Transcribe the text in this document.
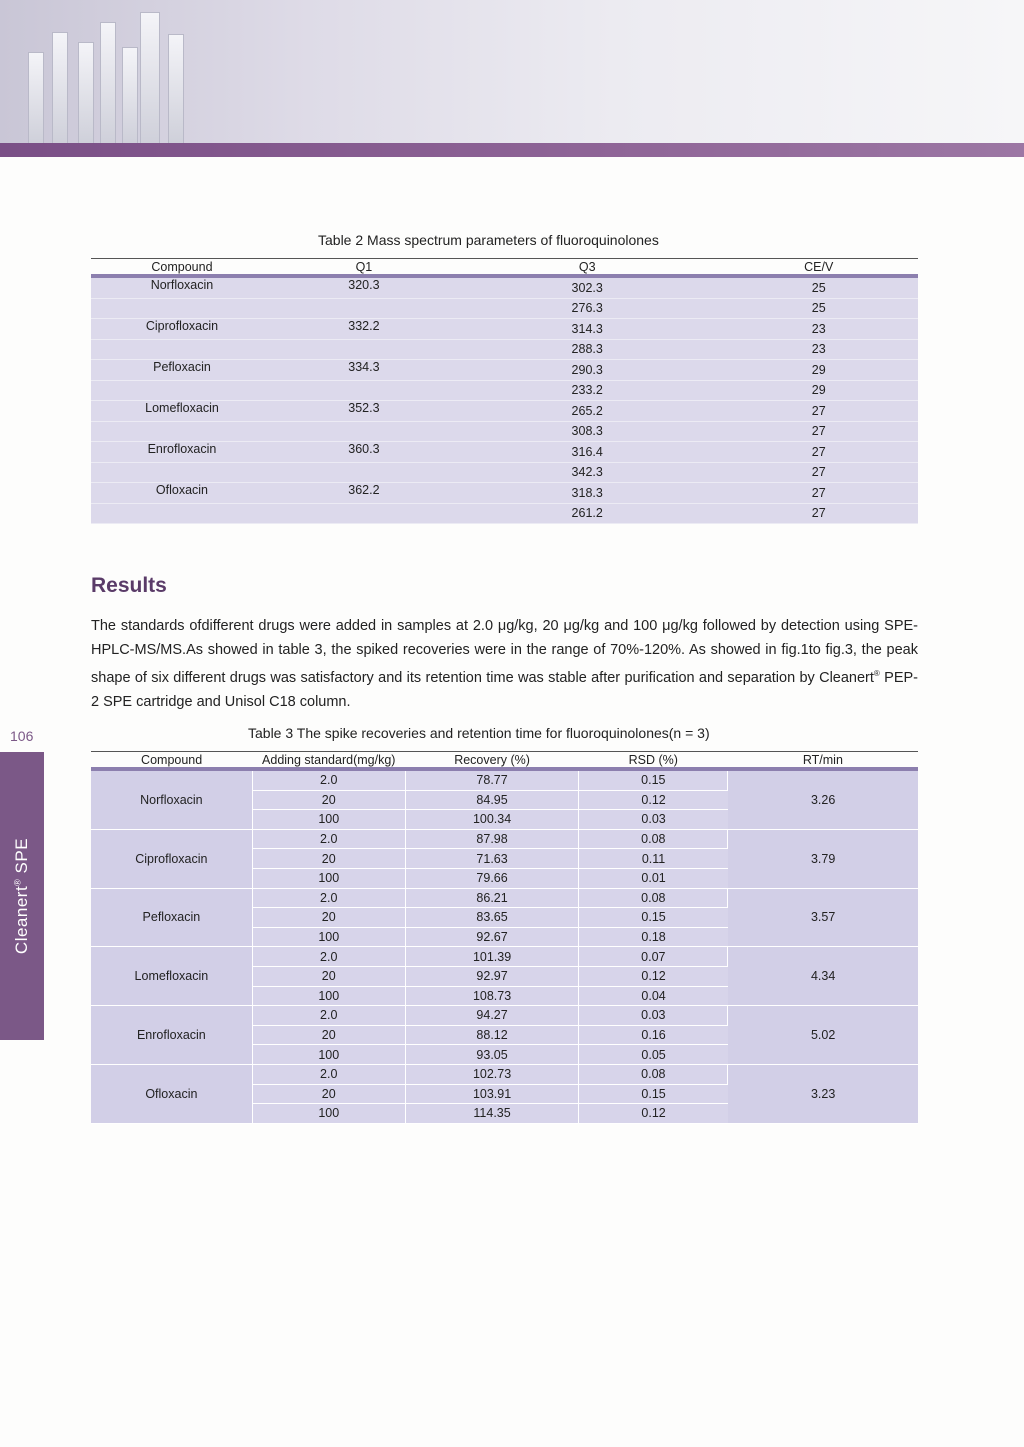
106
Cleanert® SPE
Table 2 Mass spectrum parameters of fluoroquinolones
Compound	Q1	Q3	CE/V
Norfloxacin	320.3	302.3	25
		276.3	25
Ciprofloxacin	332.2	314.3	23
		288.3	23
Pefloxacin	334.3	290.3	29
		233.2	29
Lomefloxacin	352.3	265.2	27
		308.3	27
Enrofloxacin	360.3	316.4	27
		342.3	27
Ofloxacin	362.2	318.3	27
		261.2	27
Results
The standards ofdifferent drugs were added in samples at 2.0 μg/kg, 20 μg/kg and 100 μg/kg followed by detection using SPE-HPLC-MS/MS.As showed in table 3, the spiked recoveries were in the range of 70%-120%. As showed in fig.1to fig.3, the peak shape of six different drugs was satisfactory and its retention time was stable after purification and separation by Cleanert® PEP-2 SPE cartridge and Unisol C18 column.
Table 3 The spike recoveries and retention time for fluoroquinolones(n = 3)
Compound	Adding standard(mg/kg)	Recovery (%)	RSD (%)	RT/min
Norfloxacin	2.0	78.77	0.15	3.26
	20	84.95	0.12	
	100	100.34	0.03	
Ciprofloxacin	2.0	87.98	0.08	3.79
	20	71.63	0.11	
	100	79.66	0.01	
Pefloxacin	2.0	86.21	0.08	3.57
	20	83.65	0.15	
	100	92.67	0.18	
Lomefloxacin	2.0	101.39	0.07	4.34
	20	92.97	0.12	
	100	108.73	0.04	
Enrofloxacin	2.0	94.27	0.03	5.02
	20	88.12	0.16	
	100	93.05	0.05	
Ofloxacin	2.0	102.73	0.08	3.23
	20	103.91	0.15	
	100	114.35	0.12	
